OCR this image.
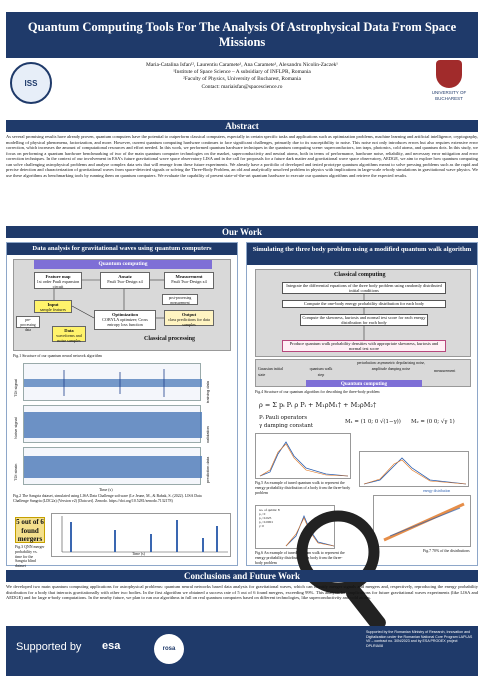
Quantum Computing Tools For The Analysis Of Astrophysical Data From Space Missions
ISS
Maria-Catalina Isfan¹², Laurentiu Caramete¹, Ana Caramete¹, Alexandru Nicolin-Zaczek¹
¹Institute of Space Science – A subsidiary of INFLPR, Romania
²Faculty of Physics, University of Bucharest, Romania
Contact: mariaisfan@spacescience.ro
UNIVERSITY OF BUCHAREST
Abstract
As several promising results have already proven, quantum computers have the potential to outperform classical computers, especially in certain specific tasks and applications such as optimization problems, machine learning and artificial intelligence, cryptography, modelling of physical phenomena, factorization, and more. However, current quantum computing hardware continues to face significant challenges, primarily due to its susceptibility to noise. This noise not only introduces errors but also requires extensive error correction, which increases the amount of computational resources and effort needed. In this work, we performed quantum hardware techniques in the quantum computing scene: superconductors, ion traps, photonics, cold atoms, and quantum dots. In this study, we focus on performing a quantum hardware benchmarking of two of the main quantum computer technologies on the market, superconductivity and neutral atoms, both in terms of performance, hardware noise, reliability, and necessary error mitigation and error correction techniques. In the context of our involvement in ESA's future gravitational wave space observatory LISA and in the call for proposals for a future dark matter and gravitational wave space observatory, AEDGE, we aim to explore how quantum computing can solve challenging astrophysical problems and analyse complex data sets that will emerge from these future experiments. We already have a portfolio of developed and tested prototype quantum algorithms meant to solve pressing problems such as the rapid and precise detection and characterization of gravitational waves from space-detected signals or solving the Three-Body Problem, an old and analytically unsolved problem in physics with implications in large-scale n-body simulations in gravitational wave physics. We use these algorithms as benchmarking tools by running them on quantum computers. We evaluate the capability of present state-of-the-art quantum hardware to execute our quantum algorithms and retrieve the expected results.
Our Work
Data analysis for gravitational waves using quantum computers
Quantum computing
Feature map
1st order Pauli expansion circuit
Ansatz
Pauli Two-Design x4
Measurement
Pauli Two-Design x4
Input
sample features
Optimization
COBYLA optimizer; Cross entropy loss function
Output
class predictions for data samples
pre-processing data
post-processing measurement
Data
waveforms and noise samples	Classical processing
Fig.1 Structure of our quantum neural network algorithm
TDI signal
Noise signal
TDI strain
training data
validation
prediction data
Time (s)
Fig.2 The Sangria dataset, simulated using LISA Data Challenge software (Le Jeune, M., & Babak, S. (2022). LISA Data Challenge Sangria (LDC2a) (Version v2) [Data set]. Zenodo. https://doi.org/10.5281/zenodo.7132178)
5 out of 6 found mergers
Fig.3 QNN merger probability vs. time for the Sangria blind dataset
Time (s)
Simulating the three body problem using a modified quantum walk algorithm
Classical computing
Integrate the differential equations of the three body problem using randomly distributed initial conditions
Compute the one-body energy probability distribution for each body
Compute the skewness, kurtosis and normal test score for each energy distribution for each body
Produce quantum walk probability densities with appropriate skewness, kurtosis and normal test score
Gaussian initial state
quantum walk step
perturbation: asymmetric depolarizing noise, amplitude damping noise	measurement
Quantum computing
Fig.4 Structure of our quantum algorithm for describing the three-body problem
ρ = Σ pᵢ Pᵢ ρ Pᵢ + M₁ρM₁† + M₂ρM₂†
Pᵢ Pauli operators
γ damping constant
M₁ = (1 0; 0 √(1−γ)) M₂ = (0 0; √γ 1)
Fig.5 An example of tuned quantum walk to represent the energy probability distribution of a body from the three-body problem	energy distribution
no. of qubits: 8
p₁: 0
p₂: 0.025
p₃: 0.0001
γ: 0
Fig.6 An example of tuned quantum walk to represent the energy probability distribution of a body from the three-body problem
Fig.7 70% of the distributions
Conclusions and Future Work
We developed two main quantum computing applications for astrophysical problems: quantum neural networks based data analysis for gravitational waves, which can identify merger signals and mergers and, respectively, reproducing the energy probability distribution for a body that interacts gravitationally with other two bodies. In the first algorithm we obtained a success rate of 5 out of 6 found mergers, exceeding 99%. This analysis has implications for future gravitational waves experiments (like LISA and AEDGE) and for large n-body computations. In the nearby future, we plan to run our algorithms in full on real quantum computers based on different technologies, like superconductivity and cold atoms.
Supported by esa	rosa
Supported by the Romanian Ministry of Research, Innovation and Digitalization under the Romanian National Core Program LAPLAS VII – contract no. 30N/2023 and by ESA PRODEX project DPLRIA08
